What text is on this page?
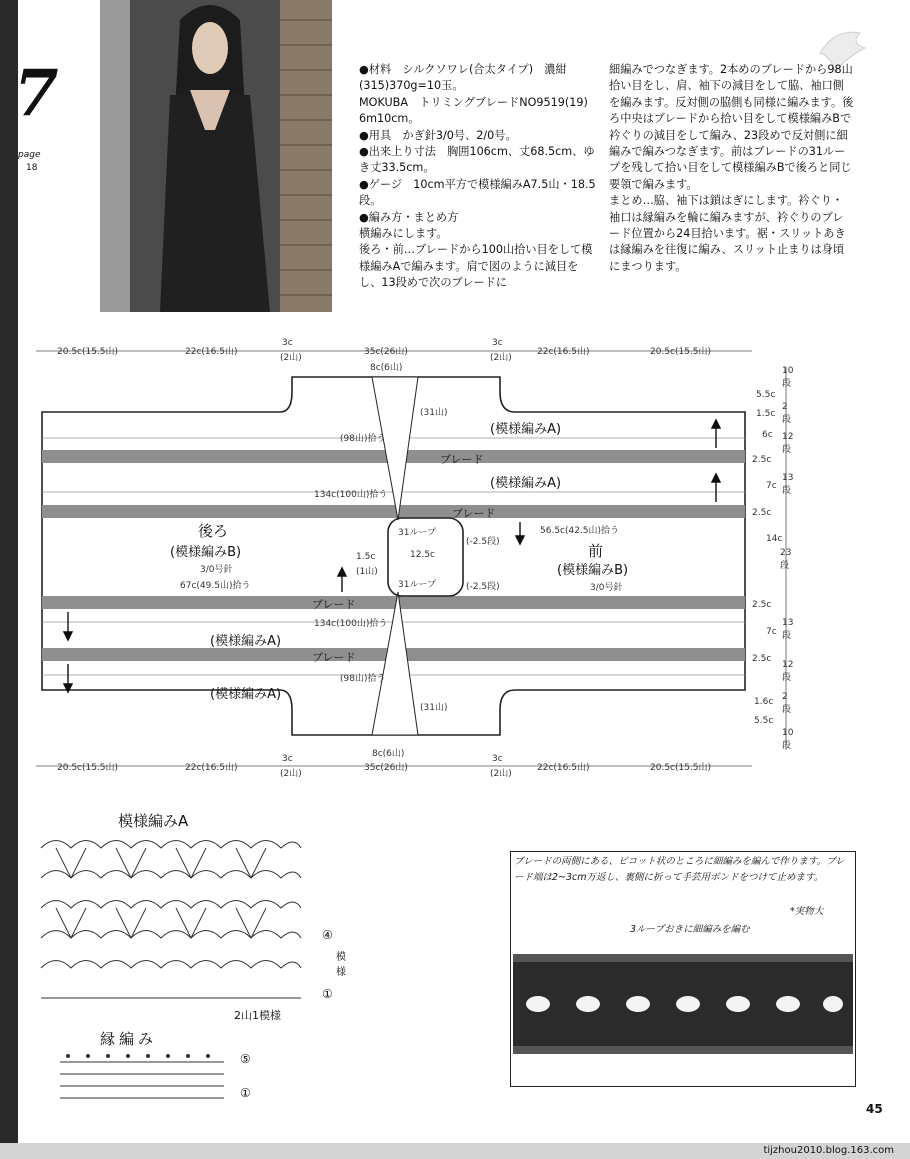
7
page
18
●材料　シルクソワレ(合太タイプ)　濃紺(315)370g=10玉。
MOKUBA　トリミングブレードNO9519(19) 6m10cm。
●用具　かぎ針3/0号、2/0号。
●出来上り寸法　胸囲106cm、丈68.5cm、ゆき丈33.5cm。
●ゲージ　10cm平方で模様編みA7.5山・18.5段。
●編み方・まとめ方
横編みにします。
後ろ・前…ブレードから100山拾い目をして模様編みAで編みます。肩で図のように減目をし、13段めで次のブレードに
細編みでつなぎます。2本めのブレードから98山拾い目をし、肩、袖下の減目をして脇、袖口側を編みます。反対側の脇側も同様に編みます。後ろ中央はブレードから拾い目をして模様編みBで衿ぐりの減目をして編み、23段めで反対側に細編みで編みつなぎます。前はブレードの31ループを残して拾い目をして模様編みBで後ろと同じ要領で編みます。
まとめ…脇、袖下は鎖はぎにします。衿ぐり・袖口は縁編みを輪に編みますが、衿ぐりのブレード位置から24目拾います。裾・スリットあきは縁編みを往復に編み、スリット止まりは身頃にまつります。
20.5c(15.5山)	22c(16.5山)
3c
(2山)
35c(26山)
8c(6山)
3c
(2山)
22c(16.5山)	20.5c(15.5山)
(31山)
(98山)拾う
(模様編みA)
ブレード
(模様編みA)
134c(100山)拾う
ブレード
後ろ
(模様編みB)
3/0号針
67c(49.5山)拾う
前
(模様編みB)
3/0号針
56.5c(42.5山)拾う
31ループ
31ループ
12.5c
1.5c
(1山)
(-2.5段)
(-2.5段)
ブレード
134c(100山)拾う
(模様編みA)
ブレード
(98山)拾う
(模様編みA)
(31山)
5.5c
10段
1.5c
2段
6c 12段
2.5c
7c
13段
2.5c
14c
23段
2.5c
7c
13段
2.5c
12段
1.6c 2段
5.5c
10段
20.5c(15.5山)	22c(16.5山)
3c
(2山)
8c(6山)
35c(26山)
3c
(2山)
22c(16.5山)	20.5c(15.5山)
模様編みA
④
①
模様
2山1模様
縁編み
⑤
①
ブレードの両側にある、ピコット状のところに細編みを編んで作ります。ブレード端は2~3cm万返し、裏側に折って手芸用ボンドをつけて止めます。
*実物大
3ループおきに細編みを編む
45
tijzhou2010.blog.163.com
